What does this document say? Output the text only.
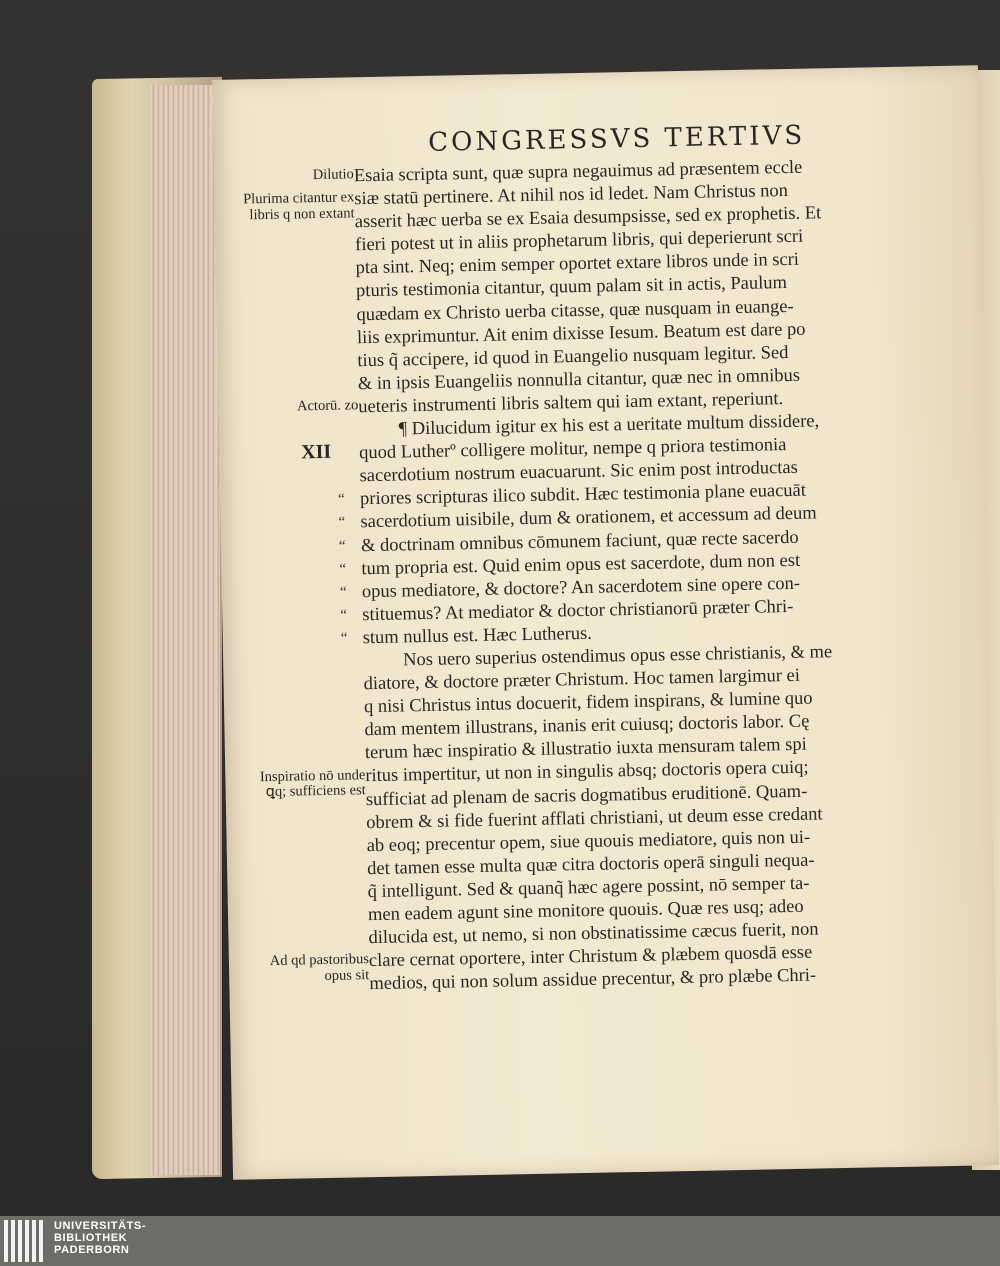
CONGRESSVS TERTIVS
Dilutio
Plurima citantur ex libris q non extant
Actorū. zo
XII
Inspiratio nō unde ꝗq; sufficiens est
Ad qd pastoribus opus sit
Esaia scripta sunt, quæ supra negauimus ad præsentem eccle
siæ statū pertinere. At nihil nos id ledet. Nam Christus non
asserit hæc uerba se ex Esaia desumpsisse, sed ex prophetis. Et
fieri potest ut in aliis prophetarum libris, qui deperierunt scri
pta sint. Neq; enim semper oportet extare libros unde in scri
pturis testimonia citantur, quum palam sit in actis, Paulum
quædam ex Christo uerba citasse, quæ nusquam in euange-
liis exprimuntur. Ait enim dixisse Iesum. Beatum est dare po
tius q̃ accipere, id quod in Euangelio nusquam legitur. Sed
& in ipsis Euangeliis nonnulla citantur, quæ nec in omnibus
ueteris instrumenti libris saltem qui iam extant, reperiunt.
¶ Dilucidum igitur ex his est a ueritate multum dissidere,
quod Lutherº colligere molitur, nempe q priora testimonia
sacerdotium nostrum euacuarunt. Sic enim post introductas
“ priores scripturas ilico subdit. Hæc testimonia plane euacuāt
“ sacerdotium uisibile, dum & orationem, et accessum ad deum
“ & doctrinam omnibus cōmunem faciunt, quæ recte sacerdo
“ tum propria est. Quid enim opus est sacerdote, dum non est
“ opus mediatore, & doctore? An sacerdotem sine opere con-
“ stituemus? At mediator & doctor christianorū præter Chri-
“ stum nullus est. Hæc Lutherus.
Nos uero superius ostendimus opus esse christianis, & me
diatore, & doctore præter Christum. Hoc tamen largimur ei
q nisi Christus intus docuerit, fidem inspirans, & lumine quo
dam mentem illustrans, inanis erit cuiusq; doctoris labor. Cę
terum hæc inspiratio & illustratio iuxta mensuram talem spi
ritus impertitur, ut non in singulis absq; doctoris opera cuiq;
sufficiat ad plenam de sacris dogmatibus eruditionē. Quam-
obrem & si fide fuerint afflati christiani, ut deum esse credant
ab eoq; precentur opem, siue quouis mediatore, quis non ui-
det tamen esse multa quæ citra doctoris operā singuli nequa-
q̃ intelligunt. Sed & quanq̃ hæc agere possint, nō semper ta-
men eadem agunt sine monitore quouis. Quæ res usq; adeo
dilucida est, ut nemo, si non obstinatissime cæcus fuerit, non
clare cernat oportere, inter Christum & plæbem quosdā esse
medios, qui non solum assidue precentur, & pro plæbe Chri-
UNIVERSITÄTS-
BIBLIOTHEK
PADERBORN
